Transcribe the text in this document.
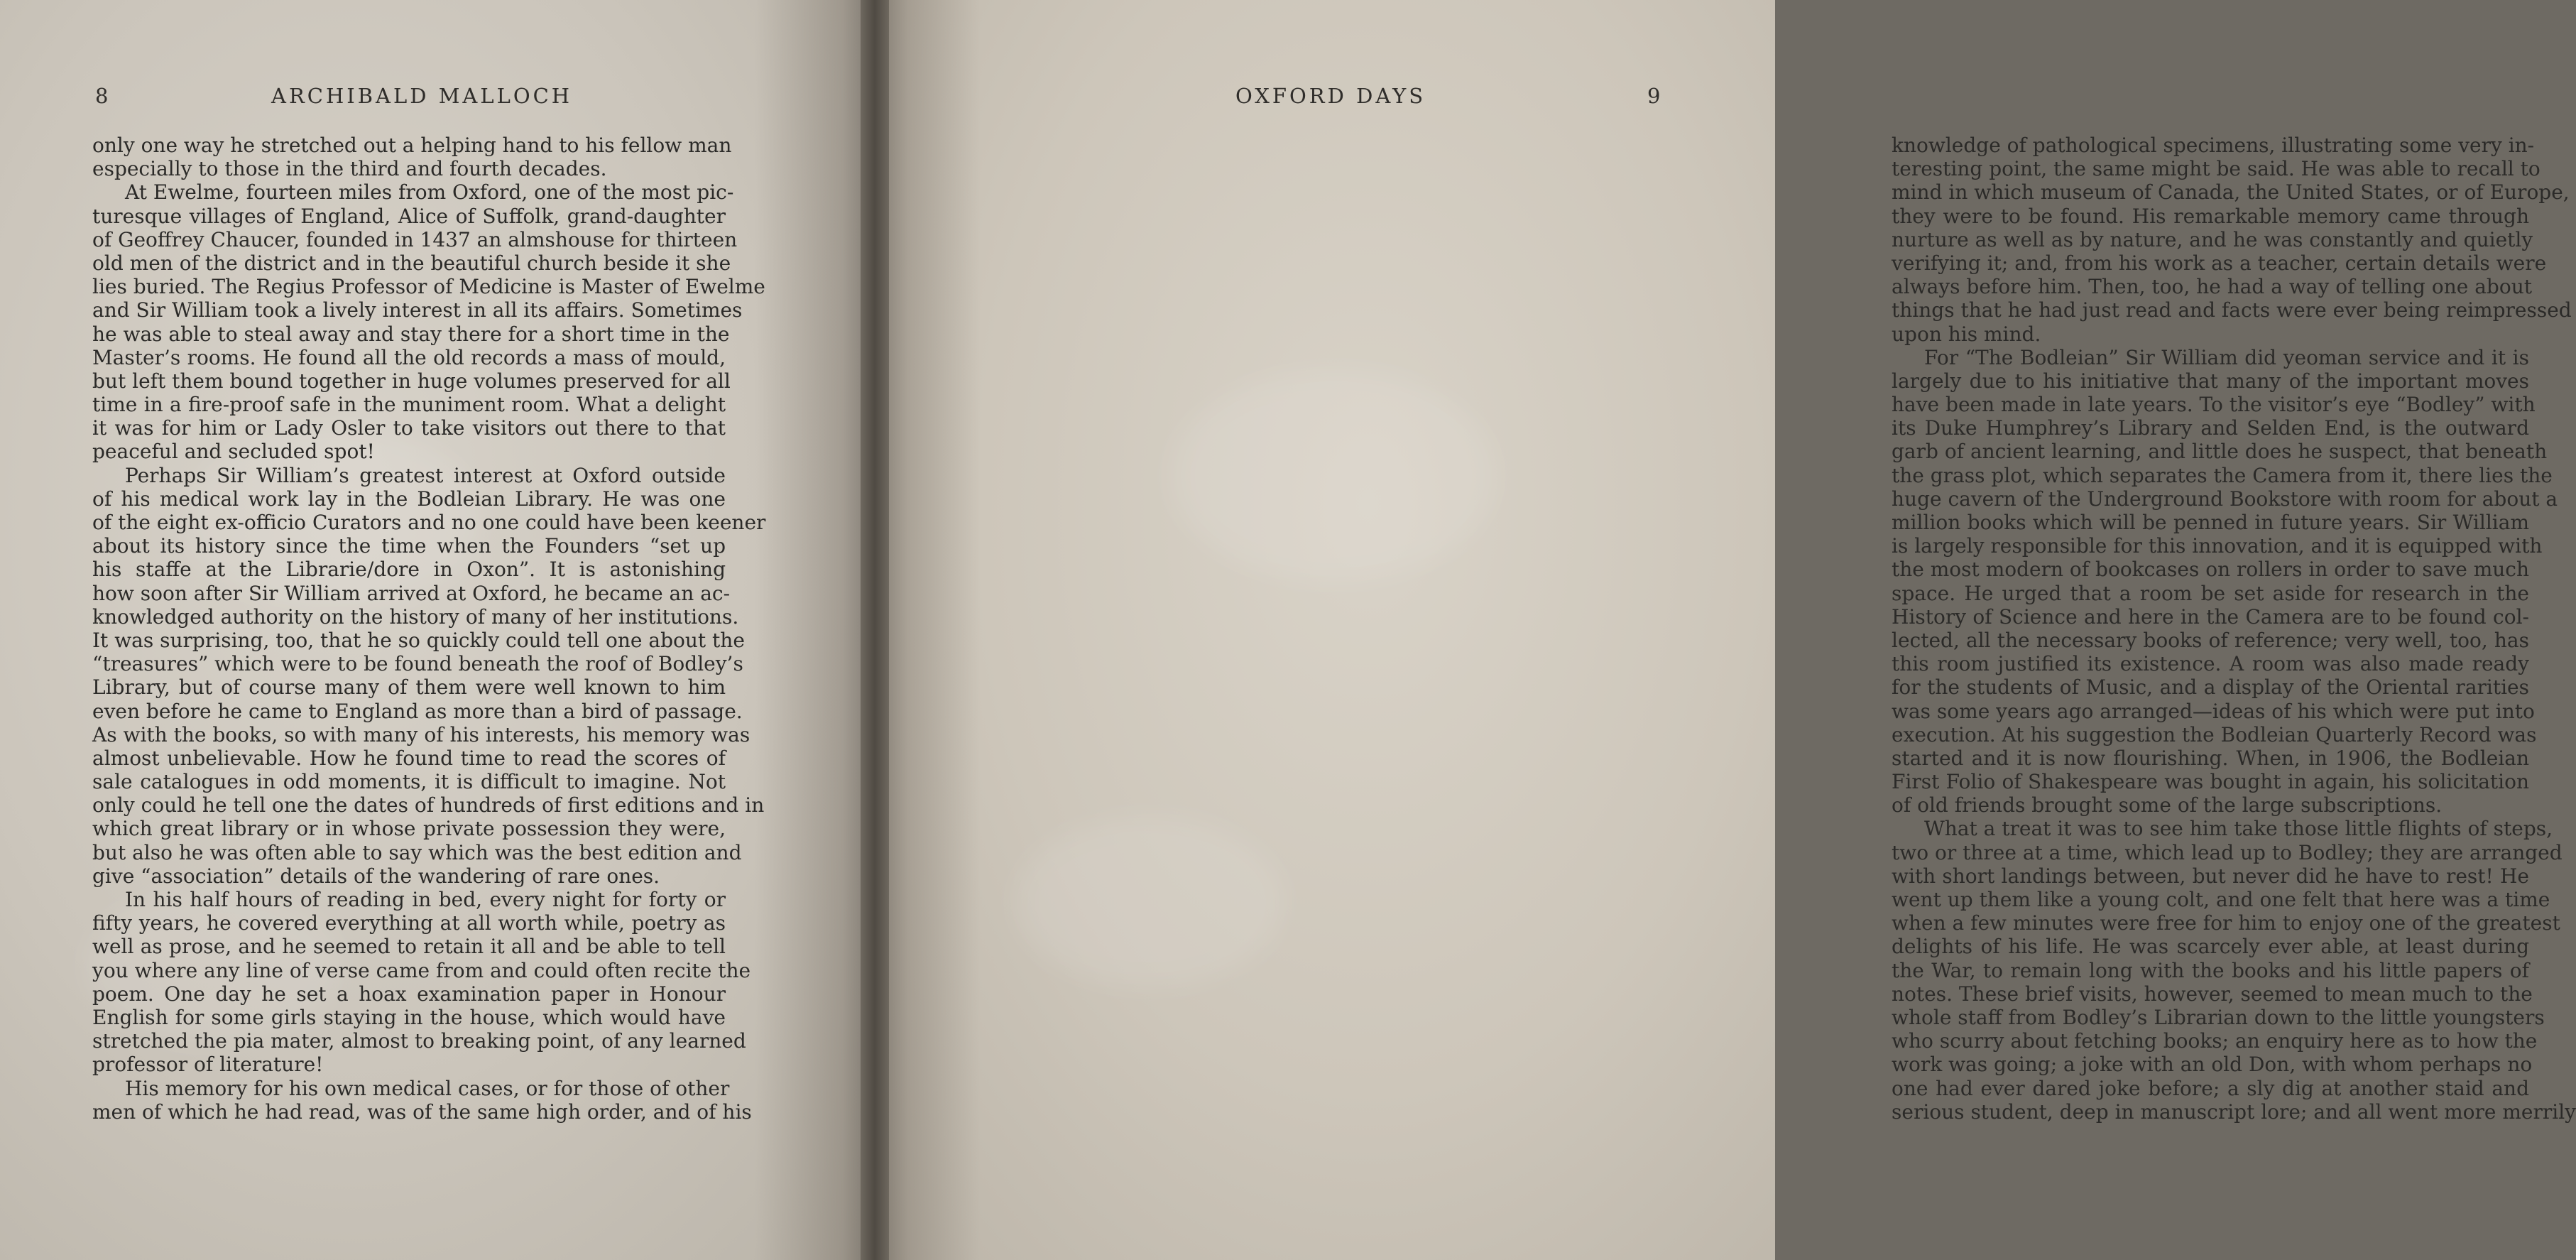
8	ARCHIBALD MALLOCH
only one way he stretched out a helping hand to his fellow man
especially to those in the third and fourth decades.
At Ewelme, fourteen miles from Oxford, one of the most pic-
turesque villages of England, Alice of Suffolk, grand-daughter
of Geoffrey Chaucer, founded in 1437 an almshouse for thirteen
old men of the district and in the beautiful church beside it she
lies buried. The Regius Professor of Medicine is Master of Ewelme
and Sir William took a lively interest in all its affairs. Sometimes
he was able to steal away and stay there for a short time in the
Master’s rooms. He found all the old records a mass of mould,
but left them bound together in huge volumes preserved for all
time in a fire-proof safe in the muniment room. What a delight
it was for him or Lady Osler to take visitors out there to that
peaceful and secluded spot!
Perhaps Sir William’s greatest interest at Oxford outside
of his medical work lay in the Bodleian Library. He was one
of the eight ex-officio Curators and no one could have been keener
about its history since the time when the Founders “set up
his staffe at the Librarie/dore in Oxon”. It is astonishing
how soon after Sir William arrived at Oxford, he became an ac-
knowledged authority on the history of many of her institutions.
It was surprising, too, that he so quickly could tell one about the
“treasures” which were to be found beneath the roof of Bodley’s
Library, but of course many of them were well known to him
even before he came to England as more than a bird of passage.
As with the books, so with many of his interests, his memory was
almost unbelievable. How he found time to read the scores of
sale catalogues in odd moments, it is difficult to imagine. Not
only could he tell one the dates of hundreds of first editions and in
which great library or in whose private possession they were,
but also he was often able to say which was the best edition and
give “association” details of the wandering of rare ones.
In his half hours of reading in bed, every night for forty or
fifty years, he covered everything at all worth while, poetry as
well as prose, and he seemed to retain it all and be able to tell
you where any line of verse came from and could often recite the
poem. One day he set a hoax examination paper in Honour
English for some girls staying in the house, which would have
stretched the pia mater, almost to breaking point, of any learned
professor of literature!
His memory for his own medical cases, or for those of other
men of which he had read, was of the same high order, and of his
OXFORD DAYS	9
knowledge of pathological specimens, illustrating some very in-
teresting point, the same might be said. He was able to recall to
mind in which museum of Canada, the United States, or of Europe,
they were to be found. His remarkable memory came through
nurture as well as by nature, and he was constantly and quietly
verifying it; and, from his work as a teacher, certain details were
always before him. Then, too, he had a way of telling one about
things that he had just read and facts were ever being reimpressed
upon his mind.
For “The Bodleian” Sir William did yeoman service and it is
largely due to his initiative that many of the important moves
have been made in late years. To the visitor’s eye “Bodley” with
its Duke Humphrey’s Library and Selden End, is the outward
garb of ancient learning, and little does he suspect, that beneath
the grass plot, which separates the Camera from it, there lies the
huge cavern of the Underground Bookstore with room for about a
million books which will be penned in future years. Sir William
is largely responsible for this innovation, and it is equipped with
the most modern of bookcases on rollers in order to save much
space. He urged that a room be set aside for research in the
History of Science and here in the Camera are to be found col-
lected, all the necessary books of reference; very well, too, has
this room justified its existence. A room was also made ready
for the students of Music, and a display of the Oriental rarities
was some years ago arranged—ideas of his which were put into
execution. At his suggestion the Bodleian Quarterly Record was
started and it is now flourishing. When, in 1906, the Bodleian
First Folio of Shakespeare was bought in again, his solicitation
of old friends brought some of the large subscriptions.
What a treat it was to see him take those little flights of steps,
two or three at a time, which lead up to Bodley; they are arranged
with short landings between, but never did he have to rest! He
went up them like a young colt, and one felt that here was a time
when a few minutes were free for him to enjoy one of the greatest
delights of his life. He was scarcely ever able, at least during
the War, to remain long with the books and his little papers of
notes. These brief visits, however, seemed to mean much to the
whole staff from Bodley’s Librarian down to the little youngsters
who scurry about fetching books; an enquiry here as to how the
work was going; a joke with an old Don, with whom perhaps no
one had ever dared joke before; a sly dig at another staid and
serious student, deep in manuscript lore; and all went more merrily
